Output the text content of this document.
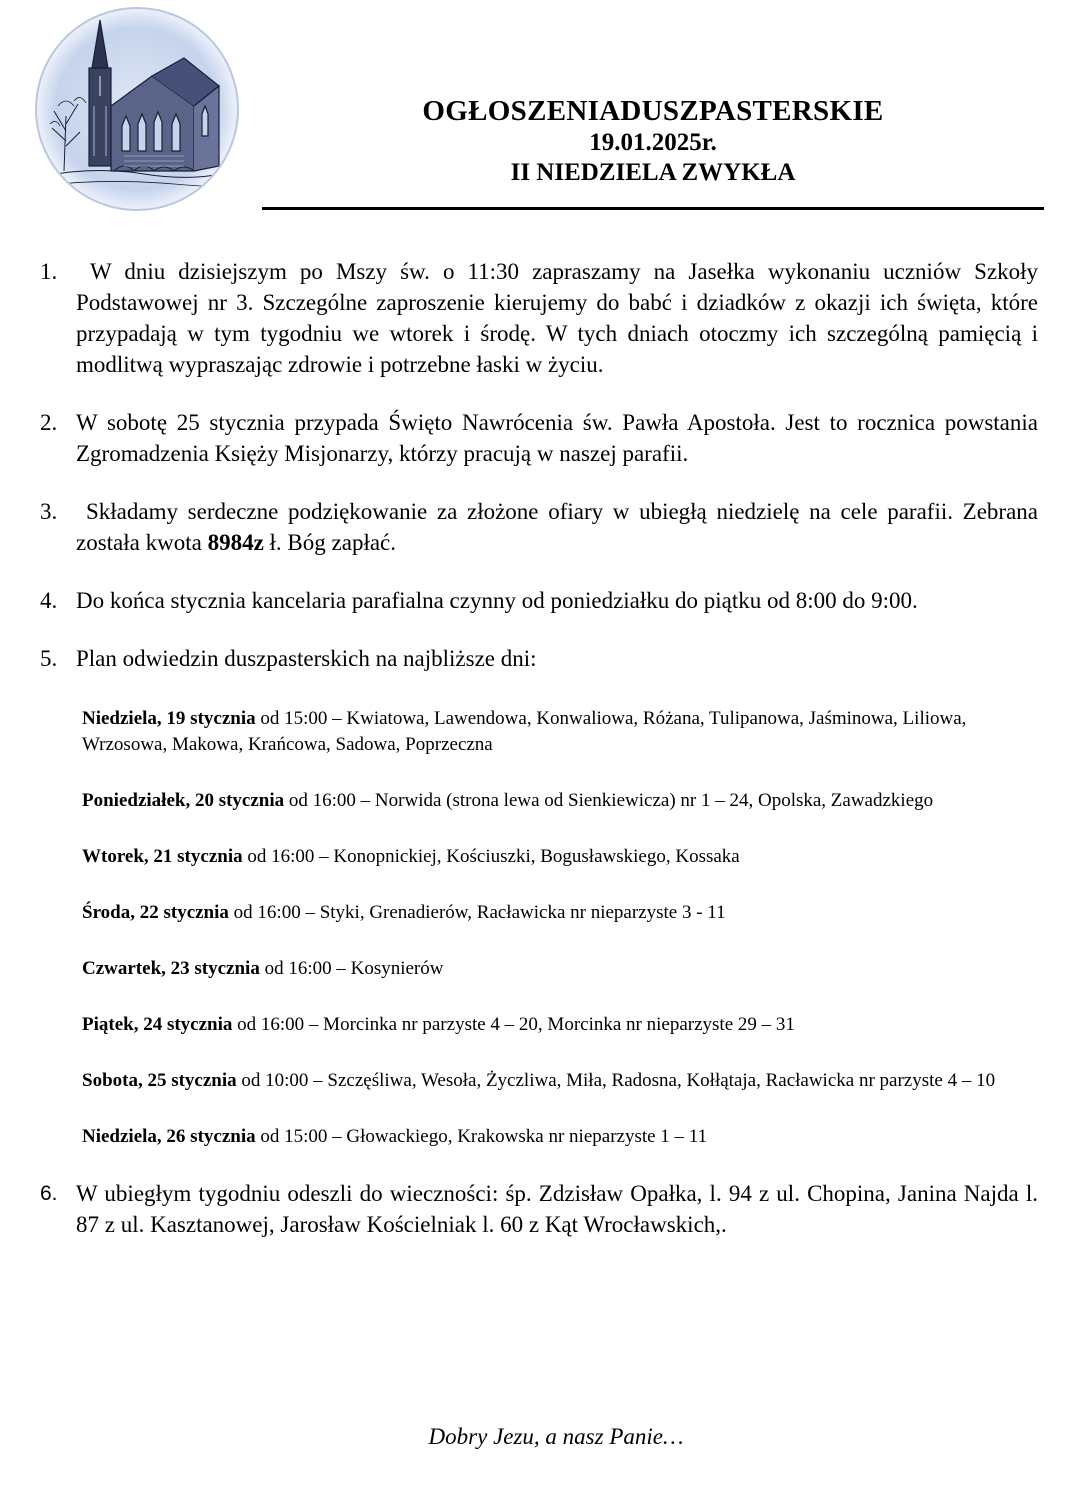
OGŁOSZENIADUSZPASTERSKIE
19.01.2025r.
II NIEDZIELA ZWYKŁA
1.	W dniu dzisiejszym po Mszy św. o 11:30 zapraszamy na Jasełka wykonaniu uczniów Szkoły Podstawowej nr 3. Szczególne zaproszenie kierujemy do babć i dziadków z okazji ich święta, które przypadają w tym tygodniu we wtorek i środę. W tych dniach otoczmy ich szczególną pamięcią i modlitwą wypraszając zdrowie i potrzebne łaski w życiu.

2. W sobotę 25 stycznia przypada Święto Nawrócenia św. Pawła Apostoła. Jest to rocznica powstania Zgromadzenia Księży Misjonarzy, którzy pracują w naszej parafii.

3.	Składamy serdeczne podziękowanie za złożone ofiary w ubiegłą niedzielę na cele parafii. Zebrana została kwota 8984z ł. Bóg zapłać.

4. Do końca stycznia kancelaria parafialna czynny od poniedziałku do piątku od 8:00 do 9:00.

5. Plan odwiedzin duszpasterskich na najbliższe dni:

Niedziela, 19 stycznia od 15:00 – Kwiatowa, Lawendowa, Konwaliowa, Różana, Tulipanowa, Jaśminowa, Liliowa, Wrzosowa, Makowa, Krańcowa, Sadowa, Poprzeczna
Poniedziałek, 20 stycznia od 16:00 – Norwida (strona lewa od Sienkiewicza) nr 1 – 24, Opolska, Zawadzkiego
Wtorek, 21 stycznia od 16:00 – Konopnickiej, Kościuszki, Bogusławskiego, Kossaka
Środa, 22 stycznia od 16:00 – Styki, Grenadierów, Racławicka nr nieparzyste 3 - 11
Czwartek, 23 stycznia od 16:00 – Kosynierów
Piątek, 24 stycznia od 16:00 – Morcinka nr parzyste 4 – 20, Morcinka nr nieparzyste 29 – 31
Sobota, 25 stycznia od 10:00 – Szczęśliwa, Wesoła, Życzliwa, Miła, Radosna, Kołłątaja, Racławicka nr parzyste 4 – 10
Niedziela, 26 stycznia od 15:00 – Głowackiego, Krakowska nr nieparzyste 1 – 11
6. W ubiegłym tygodniu odeszli do wieczności: śp. Zdzisław Opałka, l. 94 z ul. Chopina, Janina Najda l. 87 z ul. Kasztanowej, Jarosław Kościelniak l. 60 z Kąt Wrocławskich,.

Dobry Jezu, a nasz Panie…
